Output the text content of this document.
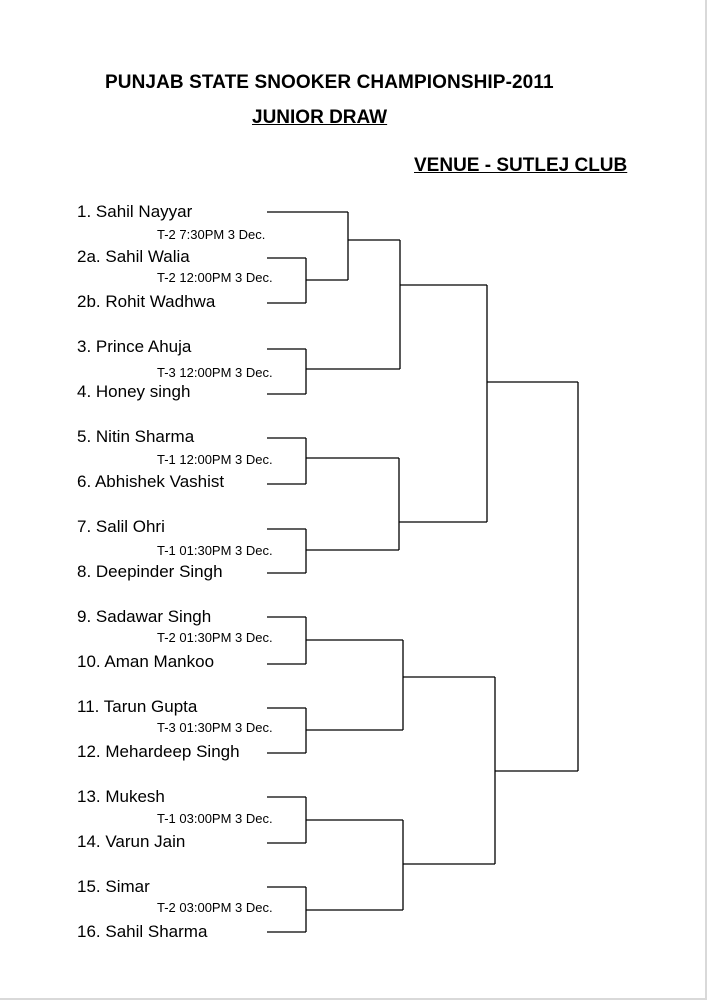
PUNJAB STATE SNOOKER CHAMPIONSHIP-2011
JUNIOR DRAW
VENUE - SUTLEJ CLUB
1. Sahil Nayyar
2a. Sahil Walia
2b. Rohit Wadhwa
3. Prince Ahuja
4. Honey singh
5. Nitin Sharma
6. Abhishek Vashist
7. Salil Ohri
8. Deepinder Singh
9. Sadawar Singh
10. Aman Mankoo
11. Tarun Gupta
12. Mehardeep Singh
13. Mukesh
14. Varun Jain
15. Simar
16. Sahil Sharma
T-2 7:30PM 3 Dec.
T-2 12:00PM 3 Dec.
T-3 12:00PM 3 Dec.
T-1 12:00PM 3 Dec.
T-1 01:30PM 3 Dec.
T-2 01:30PM 3 Dec.
T-3 01:30PM 3 Dec.
T-1 03:00PM 3 Dec.
T-2 03:00PM 3 Dec.
